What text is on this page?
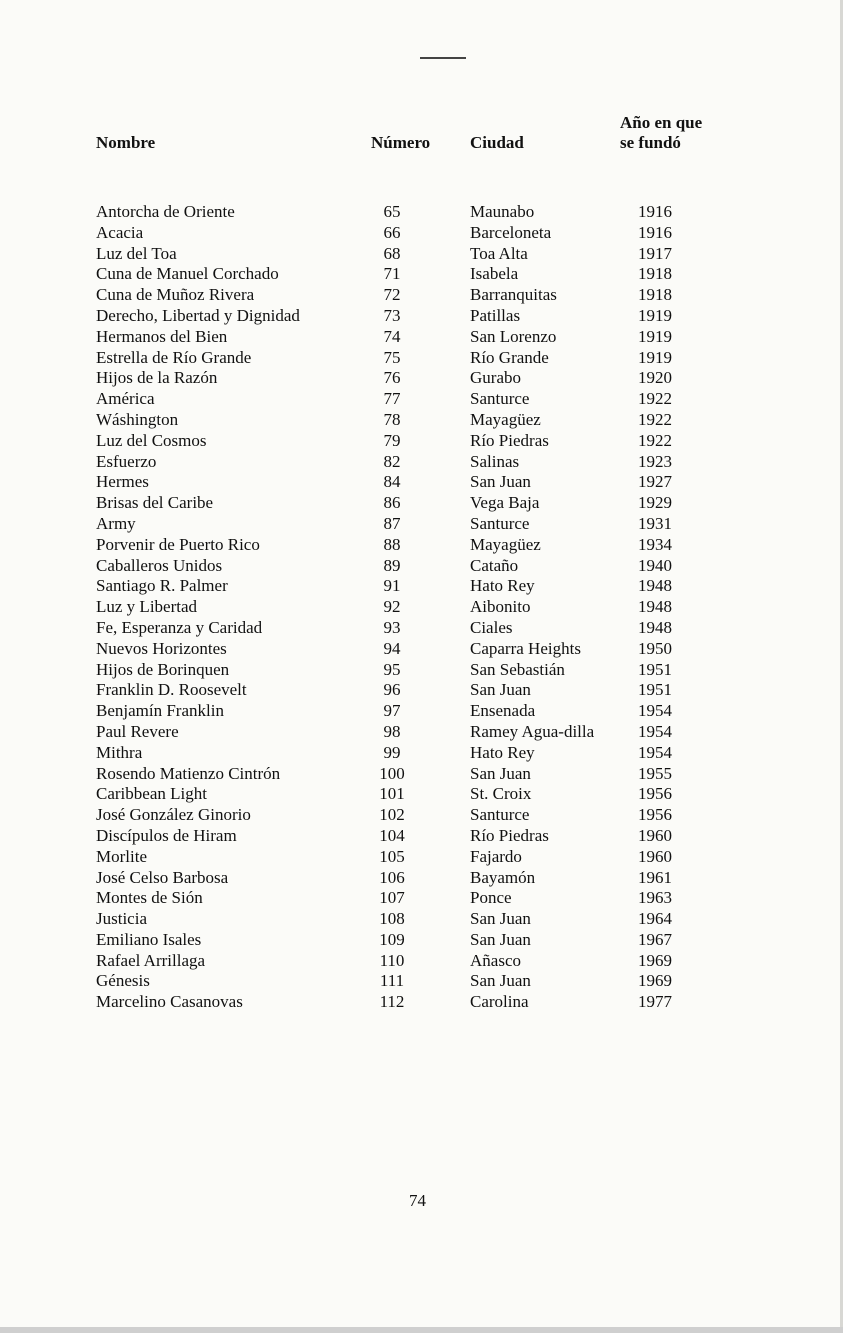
Nombre	Número Ciudad
Año en que
se fundó
Antorcha de Oriente	65	Maunabo	1916
Acacia	66	Barceloneta	1916
Luz del Toa	68	Toa Alta	1917
Cuna de Manuel Corchado	71	Isabela	1918
Cuna de Muñoz Rivera	72	Barranquitas	1918
Derecho, Libertad y Dignidad	73	Patillas	1919
Hermanos del Bien	74	San Lorenzo	1919
Estrella de Río Grande	75	Río Grande	1919
Hijos de la Razón	76	Gurabo	1920
América	77	Santurce	1922
Wáshington	78	Mayagüez	1922
Luz del Cosmos	79	Río Piedras	1922
Esfuerzo	82	Salinas	1923
Hermes	84	San Juan	1927
Brisas del Caribe	86	Vega Baja	1929
Army	87	Santurce	1931
Porvenir de Puerto Rico	88	Mayagüez	1934
Caballeros Unidos	89	Cataño	1940
Santiago R. Palmer	91	Hato Rey	1948
Luz y Libertad	92	Aibonito	1948
Fe, Esperanza y Caridad	93	Ciales	1948
Nuevos Horizontes	94	Caparra Heights	1950
Hijos de Borinquen	95	San Sebastián	1951
Franklin D. Roosevelt	96	San Juan	1951
Benjamín Franklin	97	Ensenada	1954
Paul Revere	98	Ramey Agua-dilla	1954
Mithra	99	Hato Rey	1954
Rosendo Matienzo Cintrón	100	San Juan	1955
Caribbean Light	101	St. Croix	1956
José González Ginorio	102	Santurce	1956
Discípulos de Hiram	104	Río Piedras	1960
Morlite	105	Fajardo	1960
José Celso Barbosa	106	Bayamón	1961
Montes de Sión	107	Ponce	1963
Justicia	108	San Juan	1964
Emiliano Isales	109	San Juan	1967
Rafael Arrillaga	110	Añasco	1969
Génesis	111	San Juan	1969
Marcelino Casanovas	112	Carolina	1977
74
